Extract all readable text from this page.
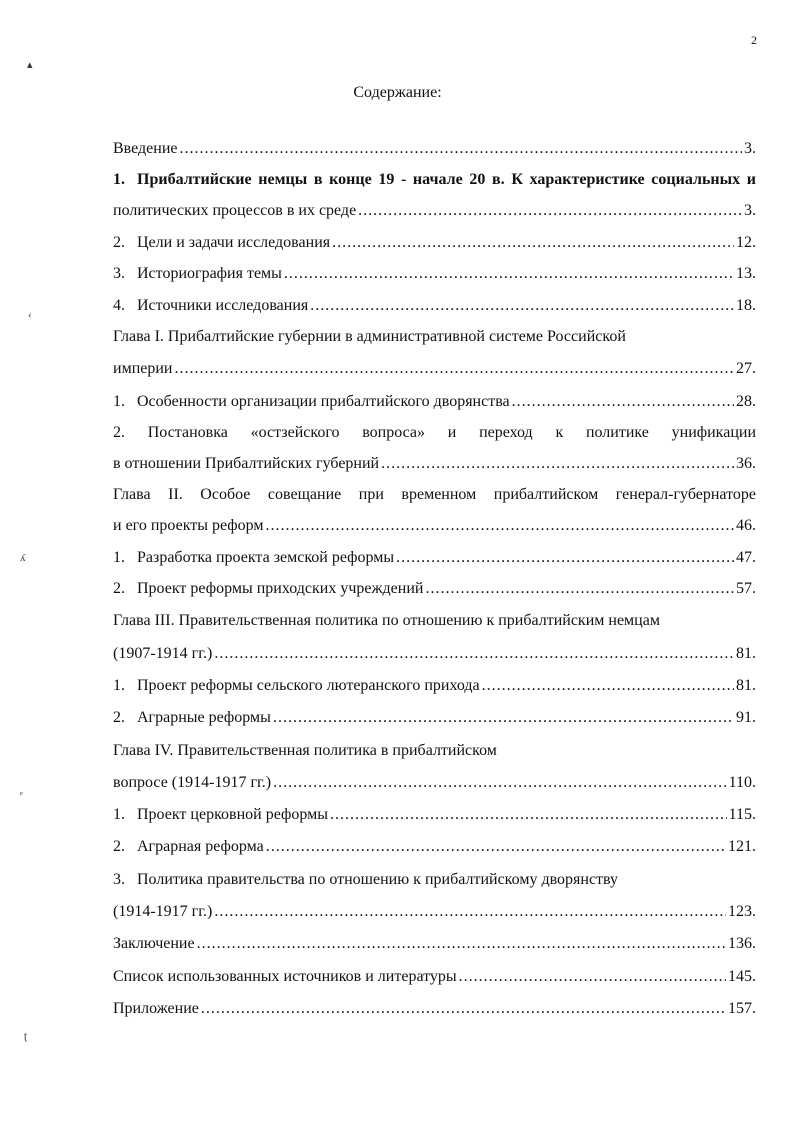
2
Содержание:
Введение . . .	3.
1. Прибалтийские немцы в конце 19 - начале 20 в. К характеристике социальных и
политических процессов в их среде . . .	3.
2. Цели и задачи исследования . . .	12.
3. Историография темы . . .	13.
4. Источники исследования . . .	18.
Глава I. Прибалтийские губернии в административной системе Российской
империи . . .	27.
1. Особенности организации прибалтийского дворянства . . .	28.
2. Постановка «остзейского вопроса» и переход к политике унификации
в отношении Прибалтийских губерний . . .	36.
Глава II. Особое совещание при временном прибалтийском генерал-губернаторе
и его проекты реформ . . .	46.
1. Разработка проекта земской реформы . . .	47.
2. Проект реформы приходских учреждений . . .	57.
Глава III. Правительственная политика по отношению к прибалтийским немцам
(1907-1914 гг.) . . .	81.
1. Проект реформы сельского лютеранского прихода . . .	81.
2. Аграрные реформы . . .	91.
Глава IV. Правительственная политика в прибалтийском
вопросе (1914-1917 гг.) . . .	110.
1. Проект церковной реформы . . .	115.
2. Аграрная реформа . . .	121.
3. Политика правительства по отношению к прибалтийскому дворянству
(1914-1917 гг.) . . .	123.
Заключение . . .	136.
Список использованных источников и литературы . . .	145.
Приложение . . .	157.
▴
‹
ʎ
ᵉ
ʈ
